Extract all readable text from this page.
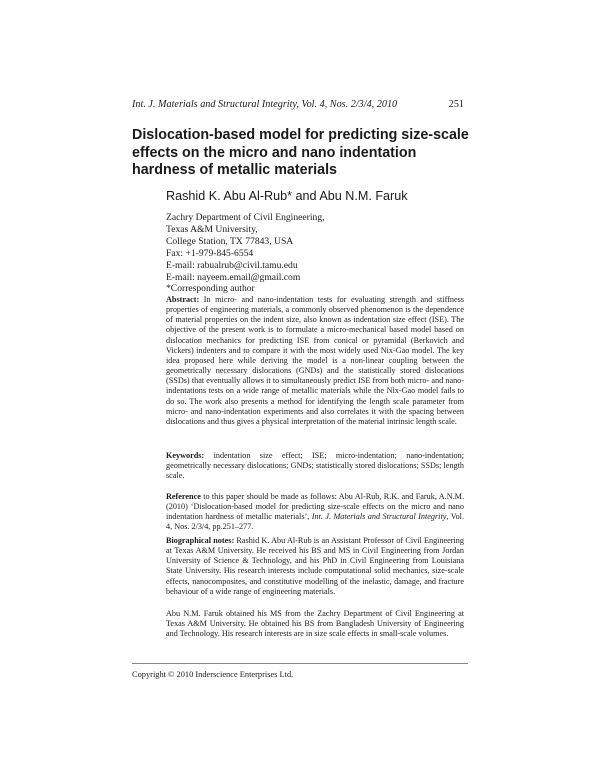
Int. J. Materials and Structural Integrity, Vol. 4, Nos. 2/3/4, 2010	251
Dislocation-based model for predicting size-scale effects on the micro and nano indentation hardness of metallic materials
Rashid K. Abu Al-Rub* and Abu N.M. Faruk
Zachry Department of Civil Engineering,
Texas A&M University,
College Station, TX 77843, USA
Fax: +1-979-845-6554
E-mail: rabualrub@civil.tamu.edu
E-mail: nayeem.email@gmail.com
*Corresponding author

Abstract: In micro- and nano-indentation tests for evaluating strength and stiffness properties of engineering materials, a commonly observed phenomenon is the dependence of material properties on the indent size, also known as indentation size effect (ISE). The objective of the present work is to formulate a micro-mechanical based model based on dislocation mechanics for predicting ISE from conical or pyramidal (Berkovich and Vickers) indenters and to compare it with the most widely used Nix-Gao model. The key idea proposed here while deriving the model is a non-linear coupling between the geometrically necessary dislocations (GNDs) and the statistically stored dislocations (SSDs) that eventually allows it to simultaneously predict ISE from both micro- and nano-indentations tests on a wide range of metallic materials while the Nix-Gao model fails to do so. The work also presents a method for identifying the length scale parameter from micro- and nano-indentation experiments and also correlates it with the spacing between dislocations and thus gives a physical interpretation of the material intrinsic length scale.

Keywords: indentation size effect; ISE; micro-indentation; nano-indentation; geometrically necessary dislocations; GNDs; statistically stored dislocations; SSDs; length scale.

Reference to this paper should be made as follows: Abu Al-Rub, R.K. and Faruk, A.N.M. (2010) ‘Dislocation-based model for predicting size-scale effects on the micro and nano indentation hardness of metallic materials’, Int. J. Materials and Structural Integrity, Vol. 4, Nos. 2/3/4, pp.251–277.

Biographical notes: Rashid K. Abu Al-Rub is an Assistant Professor of Civil Engineering at Texas A&M University. He received his BS and MS in Civil Engineering from Jordan University of Science & Technology, and his PhD in Civil Engineering from Louisiana State University. His research interests include computational solid mechanics, size-scale effects, nanocomposites, and constitutive modelling of the inelastic, damage, and fracture behaviour of a wide range of engineering materials.

Abu N.M. Faruk obtained his MS from the Zachry Department of Civil Engineering at Texas A&M University. He obtained his BS from Bangladesh University of Engineering and Technology. His research interests are in size scale effects in small-scale volumes.

Copyright © 2010 Inderscience Enterprises Ltd.
